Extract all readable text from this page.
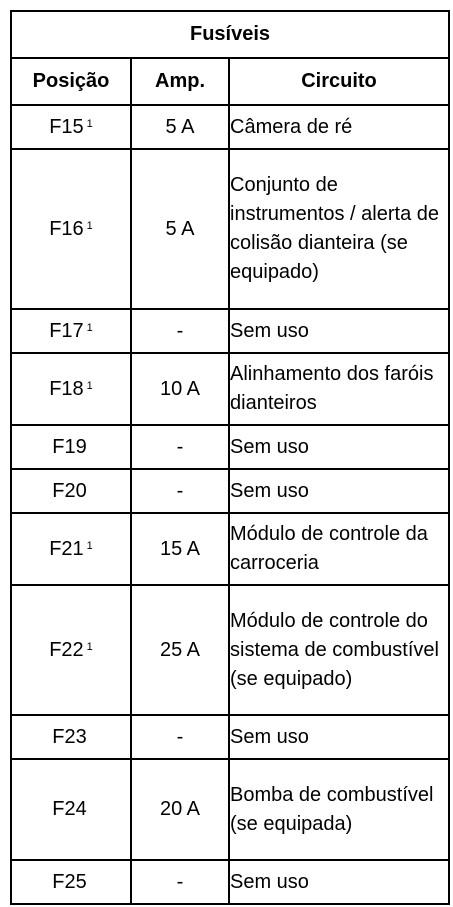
Fusíveis		
Posição	Amp.	Circuito
F15 $^1$	5 A	Câmera de ré
F16 $^1$	5 A	Conjunto de instrumentos / alerta de colisão dianteira (se equipado)
F17 $^1$	-	Sem uso
F18 $^1$	10 A	Alinhamento dos faróis dianteiros
F19	-	Sem uso
F20	-	Sem uso
F21 $^1$	15 A	Módulo de controle da carroceria
F22 $^1$	25 A	Módulo de controle do sistema de combustível (se equipado)
F23	-	Sem uso
F24	20 A	Bomba de combustível (se equipada)
F25	-	Sem uso
